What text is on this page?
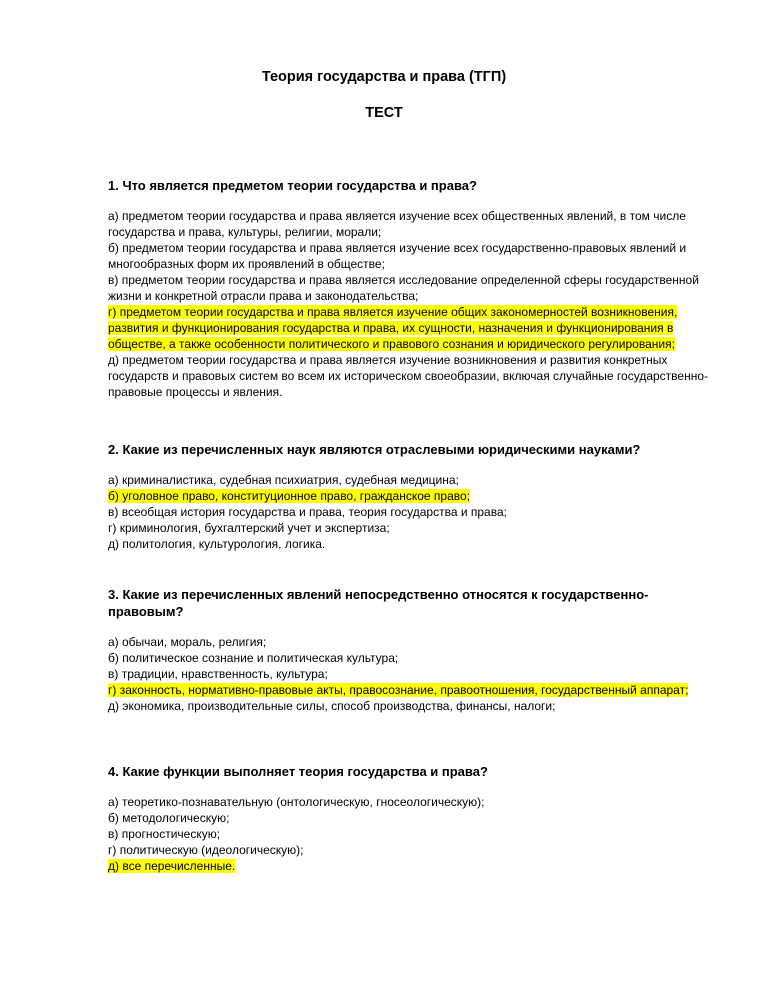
Теория государства и права (ТГП)
ТЕСТ

1. Что является предметом теории государства и права?

а) предметом теории государства и права является изучение всех общественных явлений, в том числе государства и права, культуры, религии, морали;
б) предметом теории государства и права является изучение всех государственно-правовых явлений и многообразных форм их проявлений в обществе;
в) предметом теории государства и права является исследование определенной сферы государственной жизни и конкретной отрасли права и законодательства;
г) предметом теории государства и права является изучение общих закономерностей возникновения, развития и функционирования государства и права, их сущности, назначения и функционирования в обществе, а также особенности политического и правового сознания и юридического регулирования;
д) предметом теории государства и права является изучение возникновения и развития конкретных государств и правовых систем во всем их историческом своеобразии, включая случайные государственно-правовые процессы и явления.

2. Какие из перечисленных наук являются отраслевыми юридическими науками?

а) криминалистика, судебная психиатрия, судебная медицина;
б) уголовное право, конституционное право, гражданское право;
в) всеобщая история государства и права, теория государства и права;
г) криминология, бухгалтерский учет и экспертиза;
д) политология, культурология, логика.

3. Какие из перечисленных явлений непосредственно относятся к государственно-правовым?

а) обычаи, мораль, религия;
б) политическое сознание и политическая культура;
в) традиции, нравственность, культура;
г) законность, нормативно-правовые акты, правосознание, правоотношения, государственный аппарат;
д) экономика, производительные силы, способ производства, финансы, налоги;

4. Какие функции выполняет теория государства и права?

а) теоретико-познавательную (онтологическую, гносеологическую);
б) методологическую;
в) прогностическую;
г) политическую (идеологическую);
д) все перечисленные.
